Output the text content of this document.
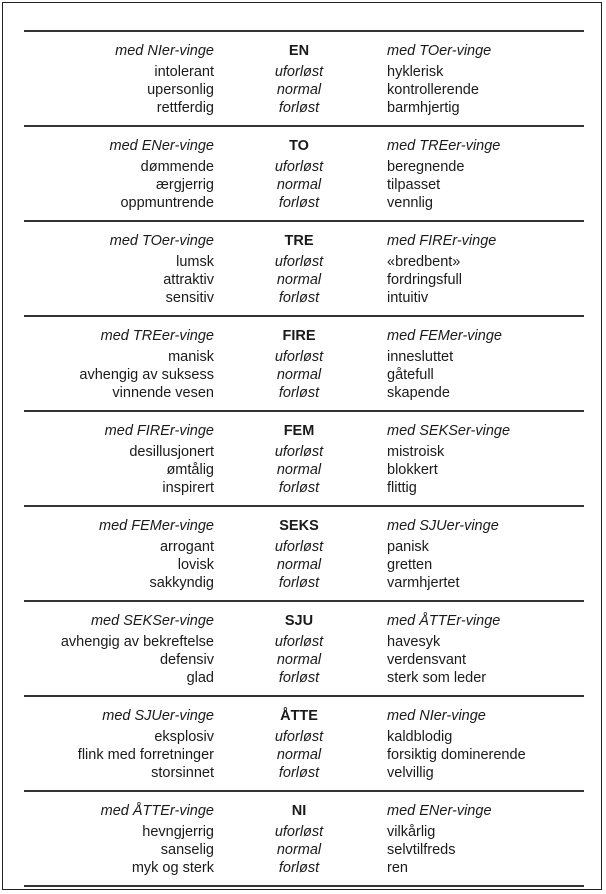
med NIer-vinge	EN	med TOer-vinge
intolerant	uforløst	hyklerisk
upersonlig	normal	kontrollerende
rettferdig	forløst	barmhjertig
med ENer-vinge	TO	med TREer-vinge
dømmende	uforløst	beregnende
ærgjerrig	normal	tilpasset
oppmuntrende	forløst	vennlig
med TOer-vinge	TRE	med FIREr-vinge
lumsk	uforløst	«bredbent»
attraktiv	normal	fordringsfull
sensitiv	forløst	intuitiv
med TREer-vinge	FIRE	med FEMer-vinge
manisk	uforløst	innesluttet
avhengig av suksess	normal	gåtefull
vinnende vesen	forløst	skapende
med FIREr-vinge	FEM	med SEKSer-vinge
desillusjonert	uforløst	mistroisk
ømtålig	normal	blokkert
inspirert	forløst	flittig
med FEMer-vinge	SEKS	med SJUer-vinge
arrogant	uforløst	panisk
lovisk	normal	gretten
sakkyndig	forløst	varmhjertet
med SEKSer-vinge	SJU	med ÅTTEr-vinge
avhengig av bekreftelse	uforløst	havesyk
defensiv	normal	verdensvant
glad	forløst	sterk som leder
med SJUer-vinge	ÅTTE	med NIer-vinge
eksplosiv	uforløst	kaldblodig
flink med forretninger	normal	forsiktig dominerende
storsinnet	forløst	velvillig
med ÅTTEr-vinge	NI	med ENer-vinge
hevngjerrig	uforløst	vilkårlig
sanselig	normal	selvtilfreds
myk og sterk	forløst	ren
